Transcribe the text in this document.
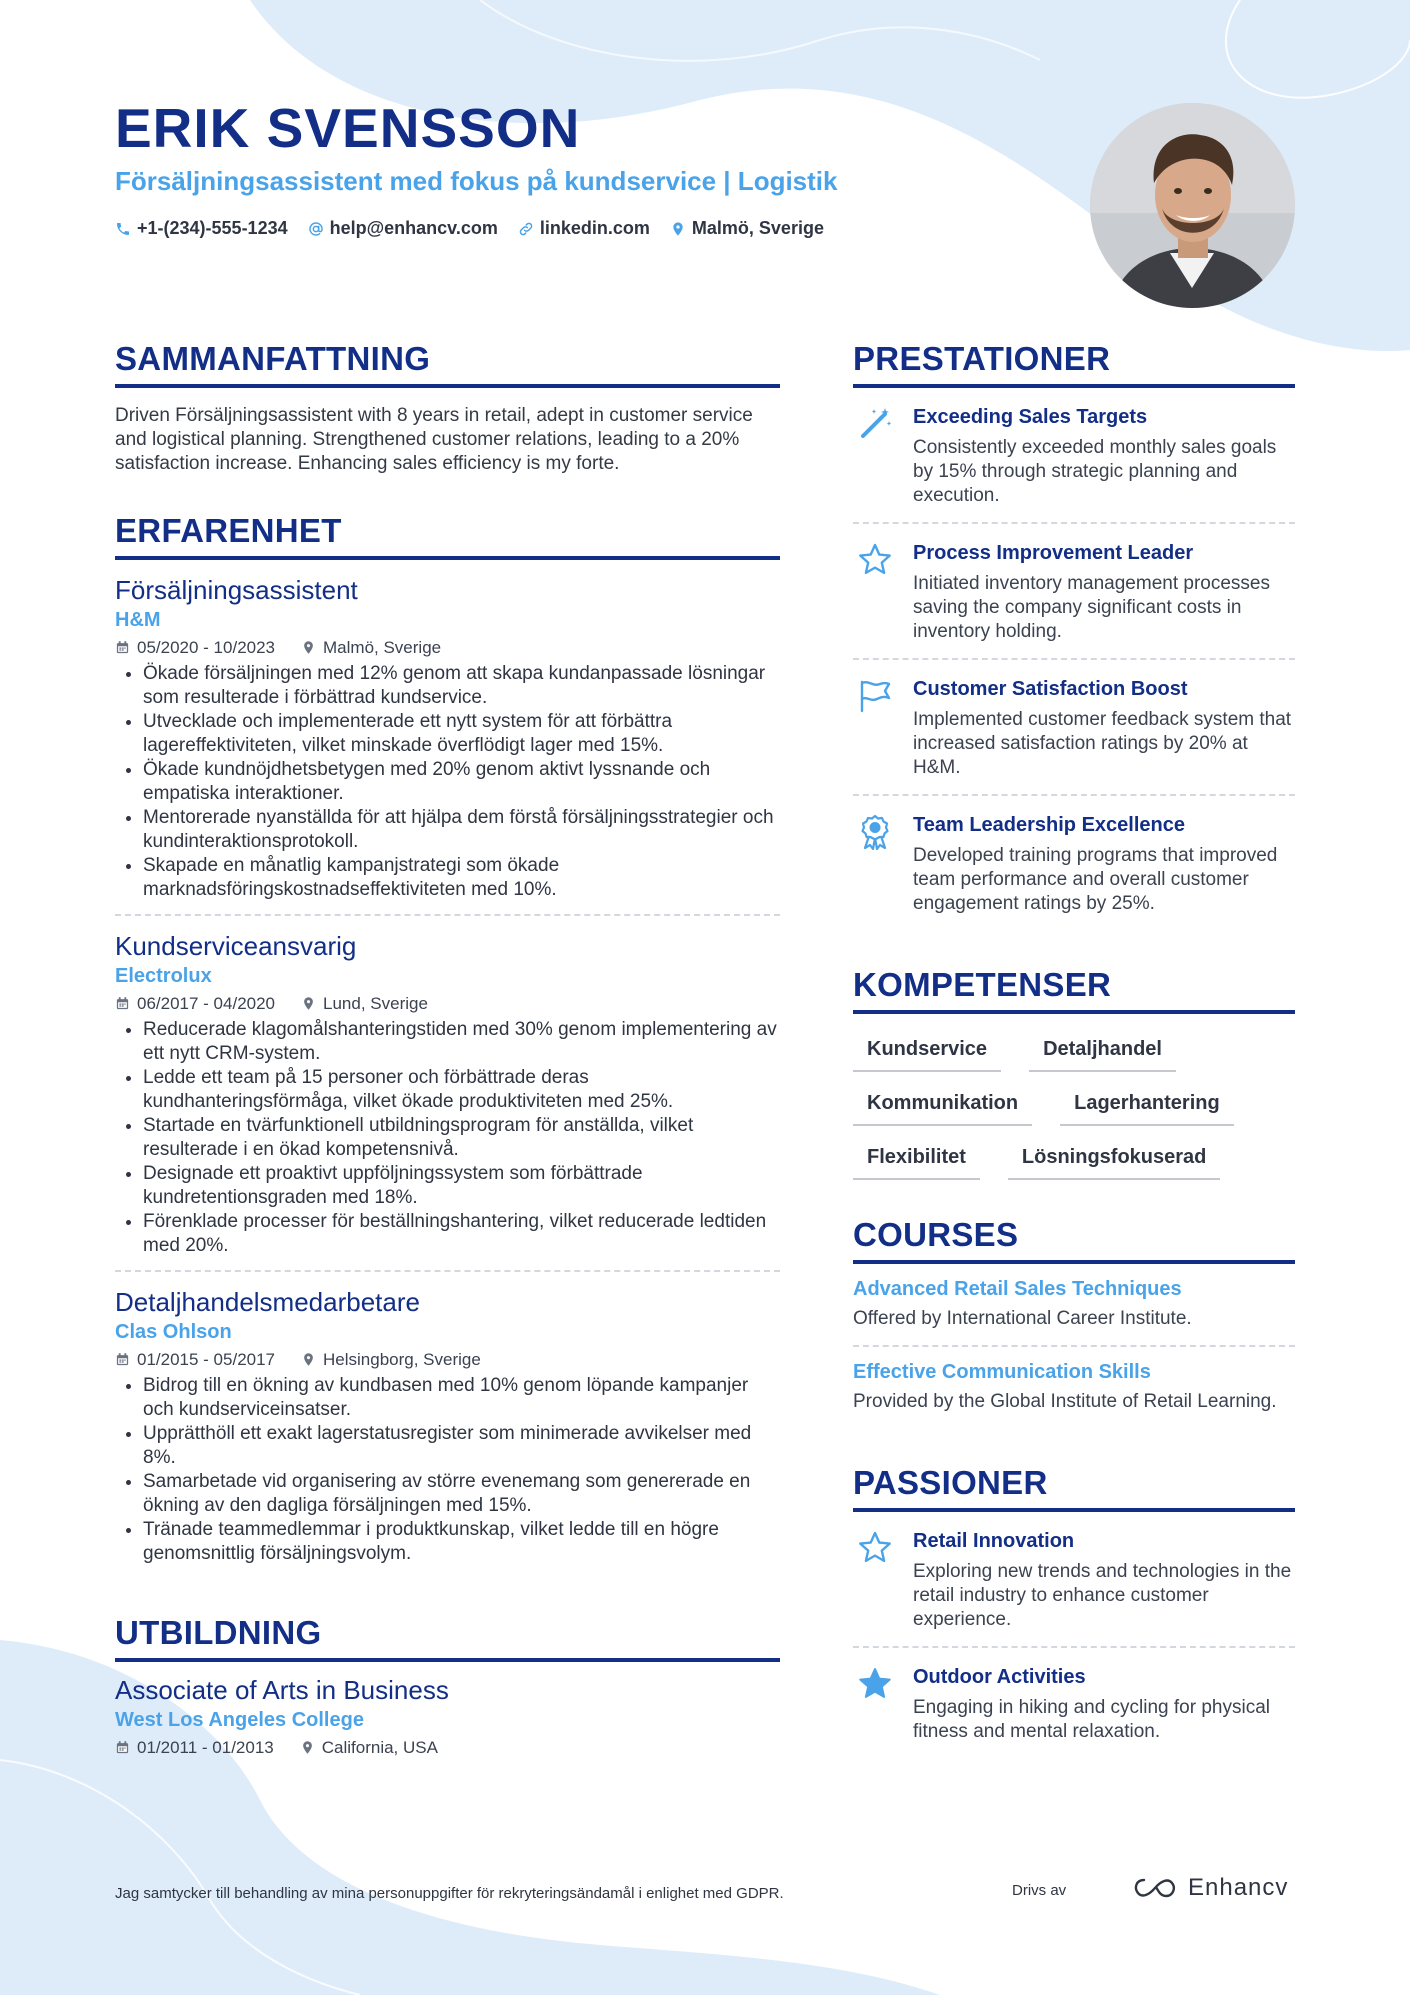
ERIK SVENSSON
Försäljningsassistent med fokus på kundservice | Logistik
+1-(234)-555-1234 help@enhancv.com linkedin.com Malmö, Sverige
SAMMANFATTNING
Driven Försäljningsassistent with 8 years in retail, adept in customer service and logistical planning. Strengthened customer relations, leading to a 20% satisfaction increase. Enhancing sales efficiency is my forte.
ERFARENHET
Försäljningsassistent
H&M
05/2020 - 10/2023	Malmö, Sverige
• Ökade försäljningen med 12% genom att skapa kundanpassade lösningar som resulterade i förbättrad kundservice.
• Utvecklade och implementerade ett nytt system för att förbättra lagereffektiviteten, vilket minskade överflödigt lager med 15%.
• Ökade kundnöjdhetsbetygen med 20% genom aktivt lyssnande och empatiska interaktioner.
• Mentorerade nyanställda för att hjälpa dem förstå försäljningsstrategier och kundinteraktionsprotokoll.
• Skapade en månatlig kampanjstrategi som ökade marknadsföringskostnadseffektiviteten med 10%.
Kundserviceansvarig
Electrolux
06/2017 - 04/2020	Lund, Sverige
• Reducerade klagomålshanteringstiden med 30% genom implementering av ett nytt CRM-system.
• Ledde ett team på 15 personer och förbättrade deras kundhanteringsförmåga, vilket ökade produktiviteten med 25%.
• Startade en tvärfunktionell utbildningsprogram för anställda, vilket resulterade i en ökad kompetensnivå.
• Designade ett proaktivt uppföljningssystem som förbättrade kundretentionsgraden med 18%.
• Förenklade processer för beställningshantering, vilket reducerade ledtiden med 20%.
Detaljhandelsmedarbetare
Clas Ohlson
01/2015 - 05/2017	Helsingborg, Sverige
• Bidrog till en ökning av kundbasen med 10% genom löpande kampanjer och kundserviceinsatser.
• Upprätthöll ett exakt lagerstatusregister som minimerade avvikelser med 8%.
• Samarbetade vid organisering av större evenemang som genererade en ökning av den dagliga försäljningen med 15%.
• Tränade teammedlemmar i produktkunskap, vilket ledde till en högre genomsnittlig försäljningsvolym.
UTBILDNING
Associate of Arts in Business
West Los Angeles College
01/2011 - 01/2013	California, USA
PRESTATIONER
Exceeding Sales Targets
Consistently exceeded monthly sales goals by 15% through strategic planning and execution.
Process Improvement Leader
Initiated inventory management processes saving the company significant costs in inventory holding.
Customer Satisfaction Boost
Implemented customer feedback system that increased satisfaction ratings by 20% at H&M.
Team Leadership Excellence
Developed training programs that improved team performance and overall customer engagement ratings by 25%.
KOMPETENSER
Kundservice	Detaljhandel
Kommunikation	Lagerhantering
Flexibilitet	Lösningsfokuserad
COURSES
Advanced Retail Sales Techniques
Offered by International Career Institute.
Effective Communication Skills
Provided by the Global Institute of Retail Learning.
PASSIONER
Retail Innovation
Exploring new trends and technologies in the retail industry to enhance customer experience.
Outdoor Activities
Engaging in hiking and cycling for physical fitness and mental relaxation.
Jag samtycker till behandling av mina personuppgifter för rekryteringsändamål i enlighet med GDPR.	Drivs av	Enhancv
